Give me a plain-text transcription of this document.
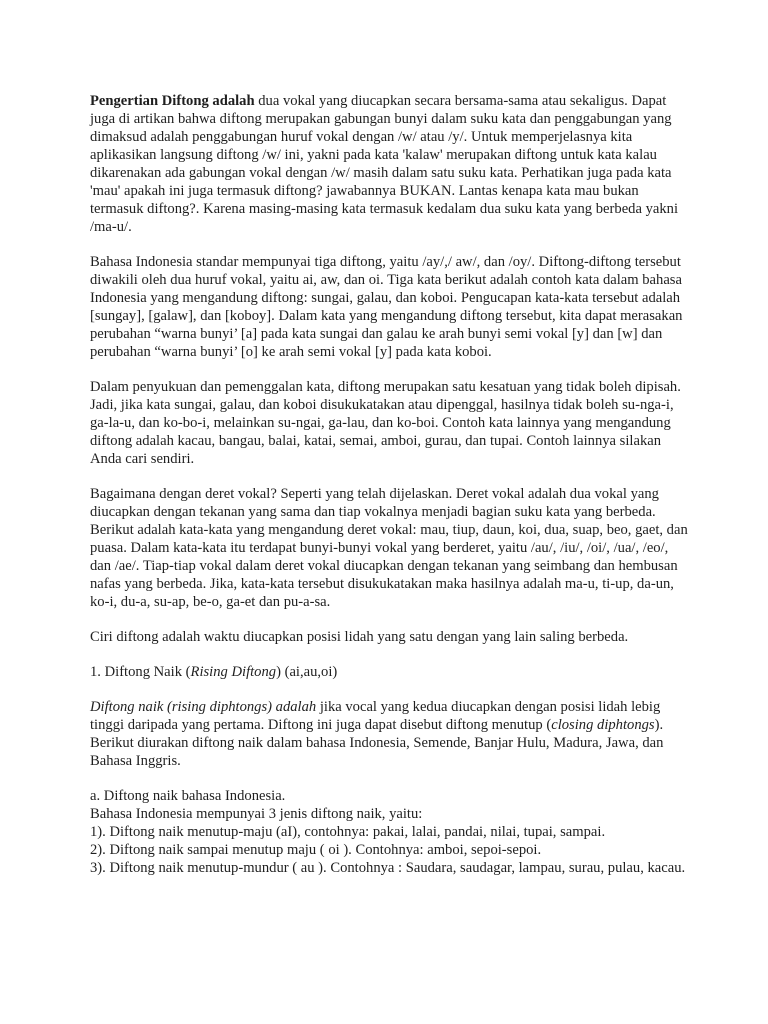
Pengertian Diftong adalah dua vokal yang diucapkan secara bersama-sama atau sekaligus. Dapat juga di artikan bahwa diftong merupakan gabungan bunyi dalam suku kata dan penggabungan yang dimaksud adalah penggabungan huruf vokal dengan /w/ atau /y/. Untuk memperjelasnya kita aplikasikan langsung diftong /w/ ini, yakni pada kata 'kalaw' merupakan diftong untuk kata kalau dikarenakan ada gabungan vokal dengan /w/ masih dalam satu suku kata. Perhatikan juga pada kata 'mau' apakah ini juga termasuk diftong? jawabannya BUKAN. Lantas kenapa kata mau bukan termasuk diftong?. Karena masing-masing kata termasuk kedalam dua suku kata yang berbeda yakni /ma-u/.

Bahasa Indonesia standar mempunyai tiga diftong, yaitu /ay/,/ aw/, dan /oy/. Diftong-diftong tersebut diwakili oleh dua huruf vokal, yaitu ai, aw, dan oi. Tiga kata berikut adalah contoh kata dalam bahasa Indonesia yang mengandung diftong: sungai, galau, dan koboi. Pengucapan kata-kata tersebut adalah [sungay], [galaw], dan [koboy]. Dalam kata yang mengandung diftong tersebut, kita dapat merasakan perubahan “warna bunyi’ [a] pada kata sungai dan galau ke arah bunyi semi vokal [y] dan [w] dan perubahan “warna bunyi’ [o] ke arah semi vokal [y] pada kata koboi.

Dalam penyukuan dan pemenggalan kata, diftong merupakan satu kesatuan yang tidak boleh dipisah. Jadi, jika kata sungai, galau, dan koboi disukukatakan atau dipenggal, hasilnya tidak boleh su-nga-i, ga-la-u, dan ko-bo-i, melainkan su-ngai, ga-lau, dan ko-boi. Contoh kata lainnya yang mengandung diftong adalah kacau, bangau, balai, katai, semai, amboi, gurau, dan tupai. Contoh lainnya silakan Anda cari sendiri.

Bagaimana dengan deret vokal? Seperti yang telah dijelaskan. Deret vokal adalah dua vokal yang diucapkan dengan tekanan yang sama dan tiap vokalnya menjadi bagian suku kata yang berbeda. Berikut adalah kata-kata yang mengandung deret vokal: mau, tiup, daun, koi, dua, suap, beo, gaet, dan puasa. Dalam kata-kata itu terdapat bunyi-bunyi vokal yang berderet, yaitu /au/, /iu/, /oi/, /ua/, /eo/, dan /ae/. Tiap-tiap vokal dalam deret vokal diucapkan dengan tekanan yang seimbang dan hembusan nafas yang berbeda. Jika, kata-kata tersebut disukukatakan maka hasilnya adalah ma-u, ti-up, da-un, ko-i, du-a, su-ap, be-o, ga-et dan pu-a-sa.

Ciri diftong adalah waktu diucapkan posisi lidah yang satu dengan yang lain saling berbeda.

1. Diftong Naik (Rising Diftong) (ai,au,oi)

Diftong naik (rising diphtongs) adalah jika vocal yang kedua diucapkan dengan posisi lidah lebig tinggi daripada yang pertama. Diftong ini juga dapat disebut diftong menutup (closing diphtongs). Berikut diurakan diftong naik dalam bahasa Indonesia, Semende, Banjar Hulu, Madura, Jawa, dan Bahasa Inggris.

a. Diftong naik bahasa Indonesia.
Bahasa Indonesia mempunyai 3 jenis diftong naik, yaitu:
1). Diftong naik menutup-maju (aI), contohnya: pakai, lalai, pandai, nilai, tupai, sampai.
2). Diftong naik sampai menutup maju ( oi ). Contohnya: amboi, sepoi-sepoi.
3). Diftong naik menutup-mundur ( au ). Contohnya : Saudara, saudagar, lampau, surau, pulau, kacau.
